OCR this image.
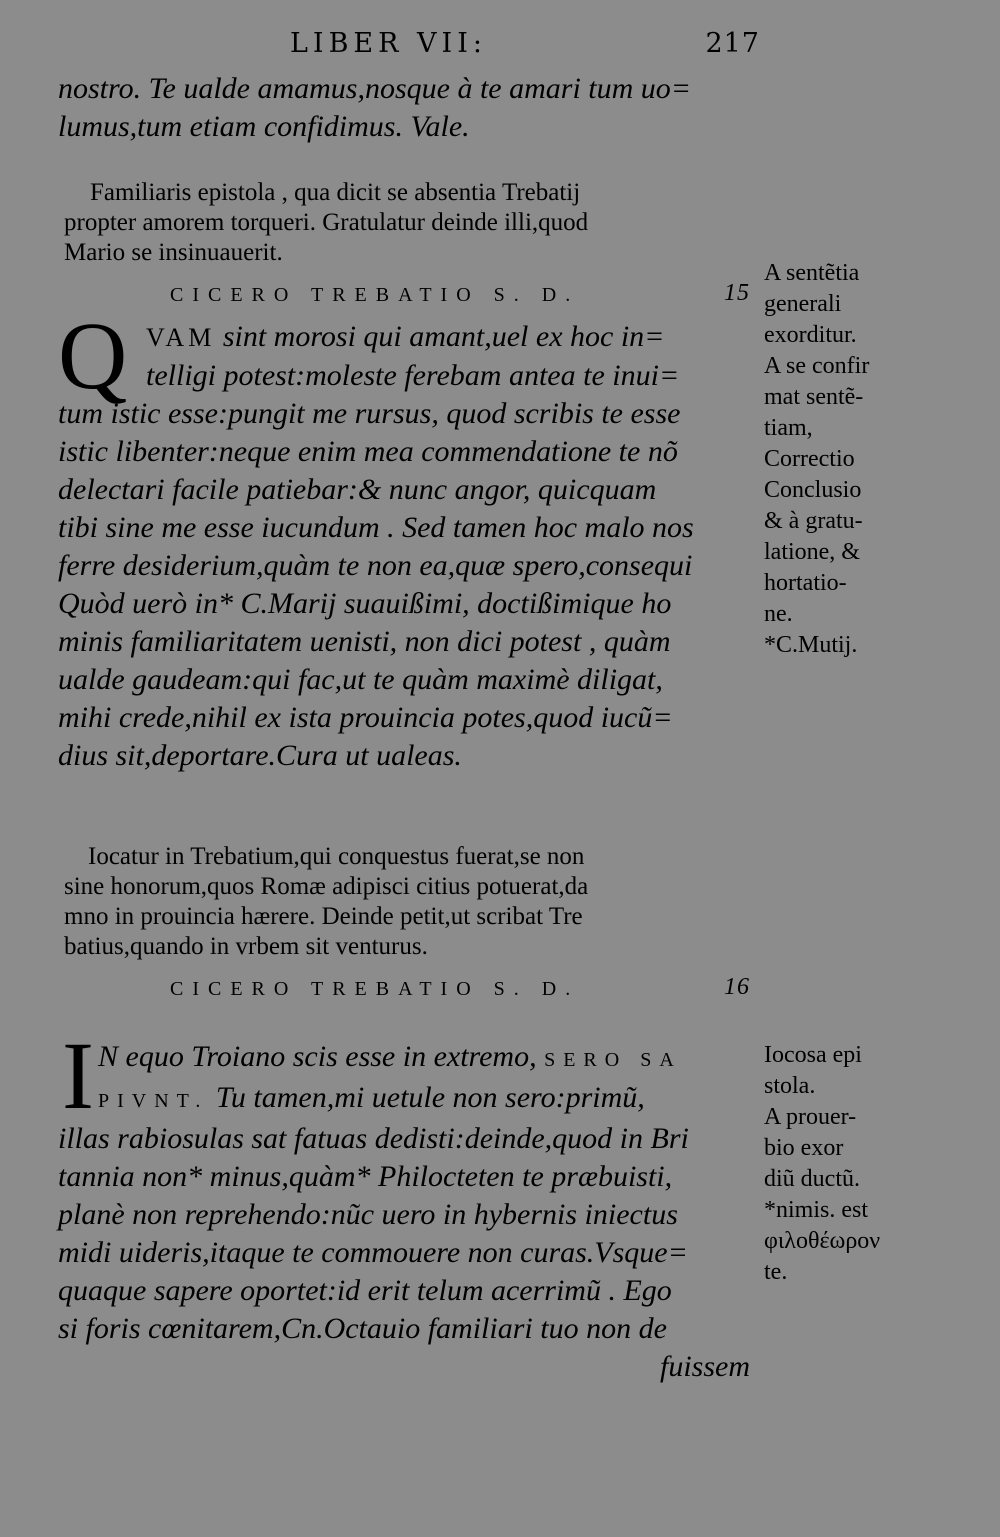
LIBER VII:	217

nostro. Te ualde amamus,nosque à te amari tum uo=

lumus,tum etiam confidimus. Vale.

Familiaris epistola , qua dicit se absentia Trebatij

propter amorem torqueri. Gratulatur deinde illi,quod

Mario se insinuauerit.

CICERO TREBATIO S. D.	15
Q VAM sint morosi qui amant,uel ex hoc in=

telligi potest:moleste ferebam antea te inui=

tum istic esse:pungit me rursus, quod scribis te esse

istic libenter:neque enim mea commendatione te nõ

delectari facile patiebar:& nunc angor, quicquam

tibi sine me esse iucundum . Sed tamen hoc malo nos

ferre desiderium,quàm te non ea,quæ spero,consequi

Quòd uerò in* C.Marij suauißimi, doctißimique ho

minis familiaritatem uenisti, non dici potest , quàm

ualde gaudeam:qui fac,ut te quàm maximè diligat,

mihi crede,nihil ex ista prouincia potes,quod iucũ=

dius sit,deportare.Cura ut ualeas.

A sentẽtia

generali

exorditur.

A se confir

mat sentẽ-

tiam,

Correctio

Conclusio

& à gratu-

latione, &

hortatio-

ne.

*C.Mutij.

Iocatur in Trebatium,qui conquestus fuerat,se non

sine honorum,quos Romæ adipisci citius potuerat,da

mno in prouincia hærere. Deinde petit,ut scribat Tre

batius,quando in vrbem sit venturus.

CICERO TREBATIO S. D.	16
I N equo Troiano scis esse in extremo, SERO SA

PIVNT. Tu tamen,mi uetule non sero:primũ,

illas rabiosulas sat fatuas dedisti:deinde,quod in Bri

tannia non* minus,quàm* Philocteten te præbuisti,

planè non reprehendo:nũc uero in hybernis iniectus

midi uideris,itaque te commouere non curas.Vsque=

quaque sapere oportet:id erit telum acerrimũ . Ego

si foris cœnitarem,Cn.Octauio familiari tuo non de

fuissem

Iocosa epi

stola.

A prouer-

bio exor

diũ ductũ.

*nimis. est

φιλοθέωρον

te.
